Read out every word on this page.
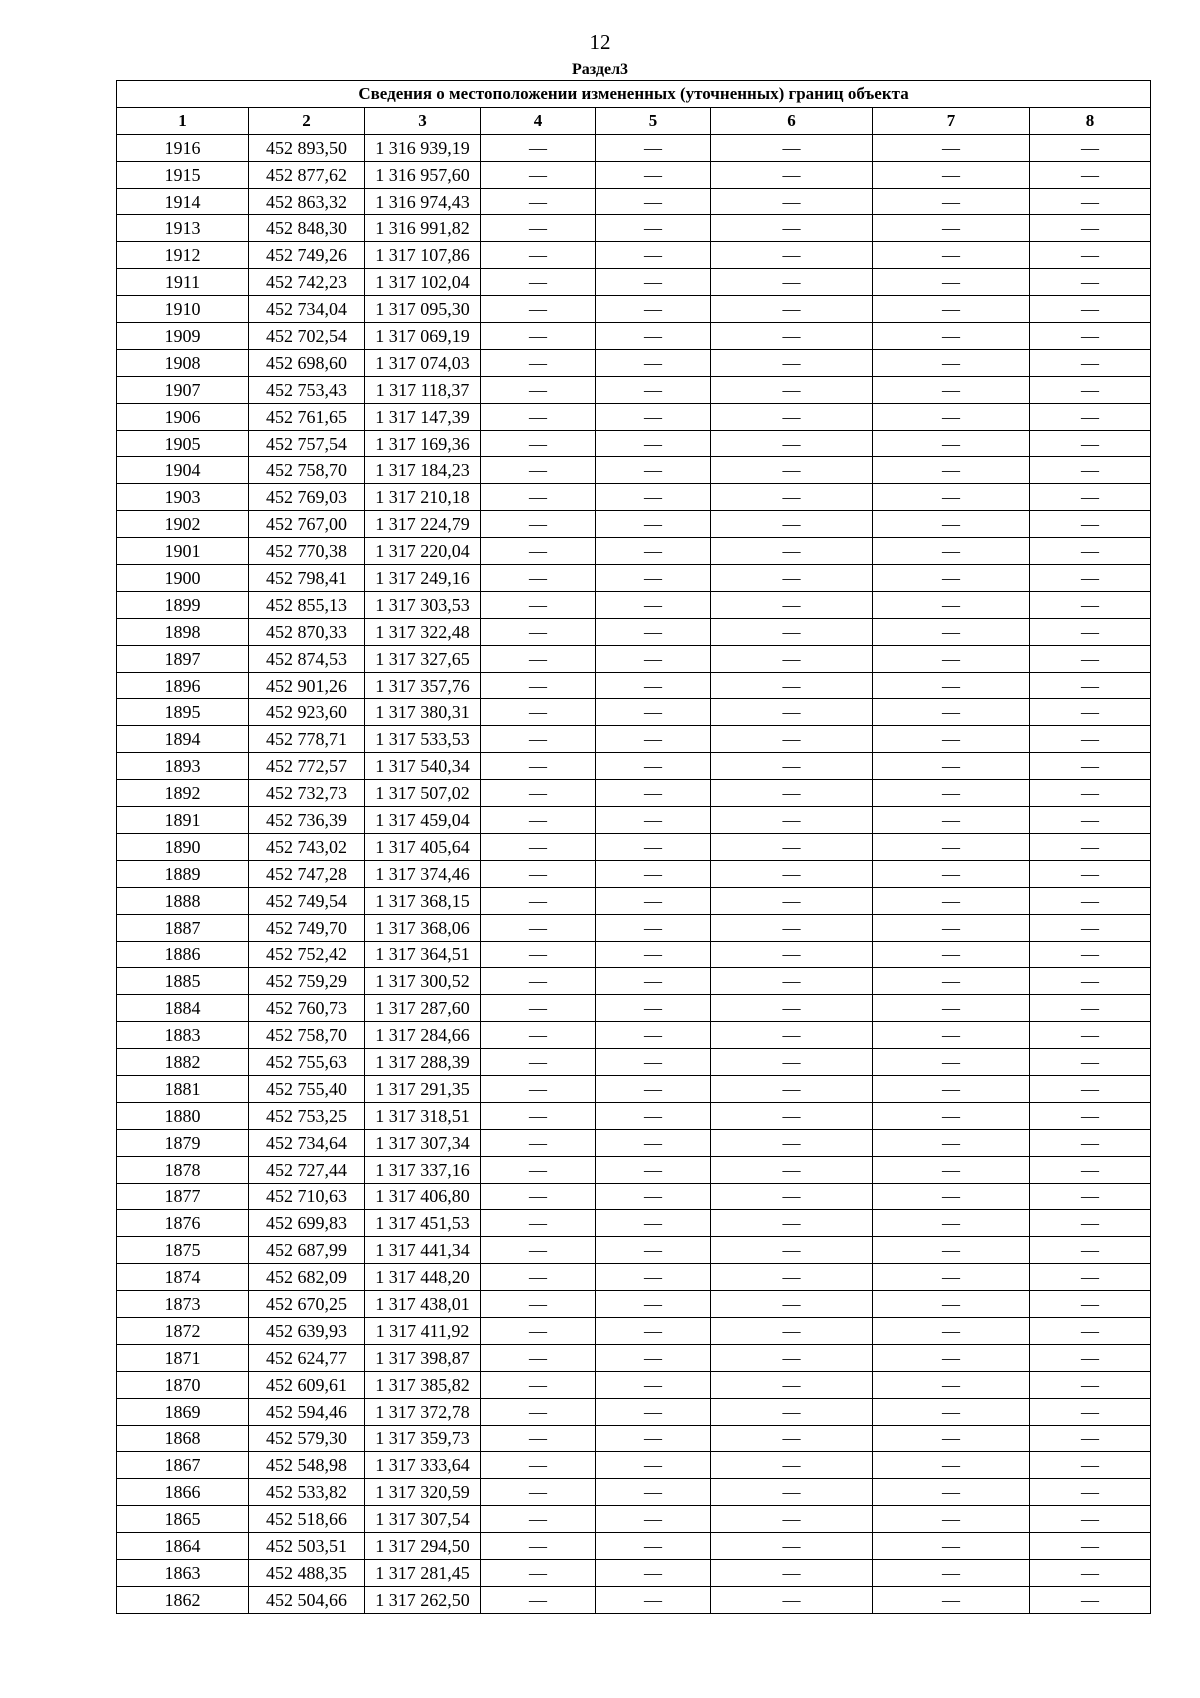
12
Раздел3
Сведения о местоположении измененных (уточненных) границ объекта							
1	2	3	4	5	6	7	8
1916	452 893,50	1 316 939,19	—	—	—	—	—
1915	452 877,62	1 316 957,60	—	—	—	—	—
1914	452 863,32	1 316 974,43	—	—	—	—	—
1913	452 848,30	1 316 991,82	—	—	—	—	—
1912	452 749,26	1 317 107,86	—	—	—	—	—
1911	452 742,23	1 317 102,04	—	—	—	—	—
1910	452 734,04	1 317 095,30	—	—	—	—	—
1909	452 702,54	1 317 069,19	—	—	—	—	—
1908	452 698,60	1 317 074,03	—	—	—	—	—
1907	452 753,43	1 317 118,37	—	—	—	—	—
1906	452 761,65	1 317 147,39	—	—	—	—	—
1905	452 757,54	1 317 169,36	—	—	—	—	—
1904	452 758,70	1 317 184,23	—	—	—	—	—
1903	452 769,03	1 317 210,18	—	—	—	—	—
1902	452 767,00	1 317 224,79	—	—	—	—	—
1901	452 770,38	1 317 220,04	—	—	—	—	—
1900	452 798,41	1 317 249,16	—	—	—	—	—
1899	452 855,13	1 317 303,53	—	—	—	—	—
1898	452 870,33	1 317 322,48	—	—	—	—	—
1897	452 874,53	1 317 327,65	—	—	—	—	—
1896	452 901,26	1 317 357,76	—	—	—	—	—
1895	452 923,60	1 317 380,31	—	—	—	—	—
1894	452 778,71	1 317 533,53	—	—	—	—	—
1893	452 772,57	1 317 540,34	—	—	—	—	—
1892	452 732,73	1 317 507,02	—	—	—	—	—
1891	452 736,39	1 317 459,04	—	—	—	—	—
1890	452 743,02	1 317 405,64	—	—	—	—	—
1889	452 747,28	1 317 374,46	—	—	—	—	—
1888	452 749,54	1 317 368,15	—	—	—	—	—
1887	452 749,70	1 317 368,06	—	—	—	—	—
1886	452 752,42	1 317 364,51	—	—	—	—	—
1885	452 759,29	1 317 300,52	—	—	—	—	—
1884	452 760,73	1 317 287,60	—	—	—	—	—
1883	452 758,70	1 317 284,66	—	—	—	—	—
1882	452 755,63	1 317 288,39	—	—	—	—	—
1881	452 755,40	1 317 291,35	—	—	—	—	—
1880	452 753,25	1 317 318,51	—	—	—	—	—
1879	452 734,64	1 317 307,34	—	—	—	—	—
1878	452 727,44	1 317 337,16	—	—	—	—	—
1877	452 710,63	1 317 406,80	—	—	—	—	—
1876	452 699,83	1 317 451,53	—	—	—	—	—
1875	452 687,99	1 317 441,34	—	—	—	—	—
1874	452 682,09	1 317 448,20	—	—	—	—	—
1873	452 670,25	1 317 438,01	—	—	—	—	—
1872	452 639,93	1 317 411,92	—	—	—	—	—
1871	452 624,77	1 317 398,87	—	—	—	—	—
1870	452 609,61	1 317 385,82	—	—	—	—	—
1869	452 594,46	1 317 372,78	—	—	—	—	—
1868	452 579,30	1 317 359,73	—	—	—	—	—
1867	452 548,98	1 317 333,64	—	—	—	—	—
1866	452 533,82	1 317 320,59	—	—	—	—	—
1865	452 518,66	1 317 307,54	—	—	—	—	—
1864	452 503,51	1 317 294,50	—	—	—	—	—
1863	452 488,35	1 317 281,45	—	—	—	—	—
1862	452 504,66	1 317 262,50	—	—	—	—	—
